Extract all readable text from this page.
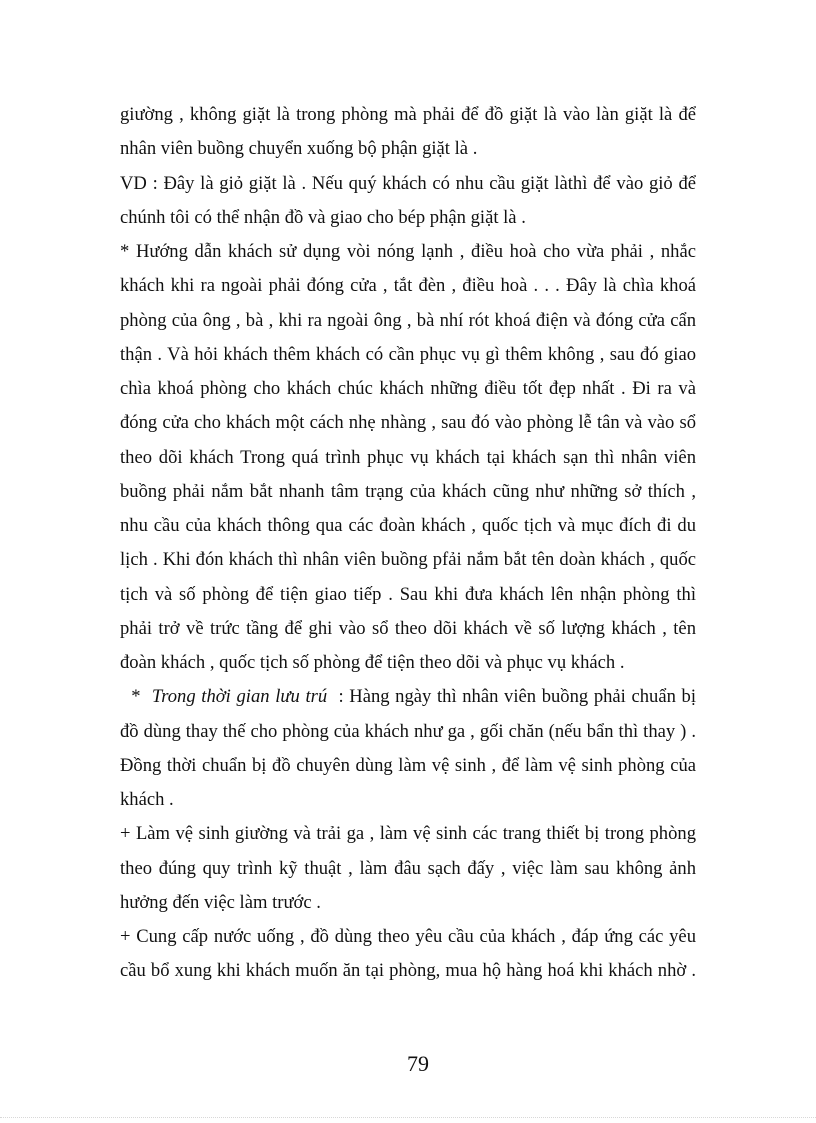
giường , không giặt là trong phòng mà phải để đồ giặt là vào làn giặt là để
nhân viên buồng chuyển xuống bộ phận giặt là .
VD : Đây là giỏ giặt là . Nếu quý khách có nhu cầu giặt làthì để vào giỏ để
chúnh tôi có thể nhận đồ và giao cho bép phận giặt là .
* Hướng dẫn khách sử dụng vòi nóng lạnh , điều hoà cho vừa phải , nhắc
khách khi ra ngoài phải đóng cửa , tắt đèn , điều hoà . . . Đây là chìa khoá
phòng của ông , bà , khi ra ngoài ông , bà nhí rót khoá điện và đóng cửa cẩn
thận . Và hỏi khách thêm khách có cần phục vụ gì thêm không , sau đó giao
chìa khoá phòng cho khách chúc khách những điều tốt đẹp nhất . Đi ra và
đóng cửa cho khách một cách nhẹ nhàng , sau đó vào phòng lễ tân và vào sổ
theo dõi khách Trong quá trình phục vụ khách tại khách sạn thì nhân viên
buồng phải nắm bắt nhanh tâm trạng của khách cũng như những sở thích ,
nhu cầu của khách thông qua các đoàn khách , quốc tịch và mục đích đi du
lịch . Khi đón khách thì nhân viên buồng pfải nắm bắt tên doàn khách , quốc
tịch và số phòng để tiện giao tiếp . Sau khi đưa khách lên nhận phòng thì
phải trở về trức tầng để ghi vào sổ theo dõi khách về số lượng khách , tên
đoàn khách , quốc tịch số phòng để tiện theo dõi và phục vụ khách .
*  Trong thời gian lưu trú  : Hàng ngày thì nhân viên buồng phải chuẩn bị
đồ dùng thay thế cho phòng của khách như ga , gối chăn (nếu bẩn thì thay ) .
Đồng thời chuẩn bị đồ chuyên dùng làm vệ sinh , để làm vệ sinh phòng của
khách .
+ Làm vệ sinh giường và trải ga , làm vệ sinh các trang thiết bị trong phòng
theo đúng quy trình kỹ thuật , làm đâu sạch đấy , việc làm sau không ảnh
hưởng đến việc làm trước .
+ Cung cấp nước uống , đồ dùng theo yêu cầu của khách , đáp ứng các yêu
cầu bổ xung khi khách muốn ăn tại phòng, mua hộ hàng hoá khi khách nhờ .
79
